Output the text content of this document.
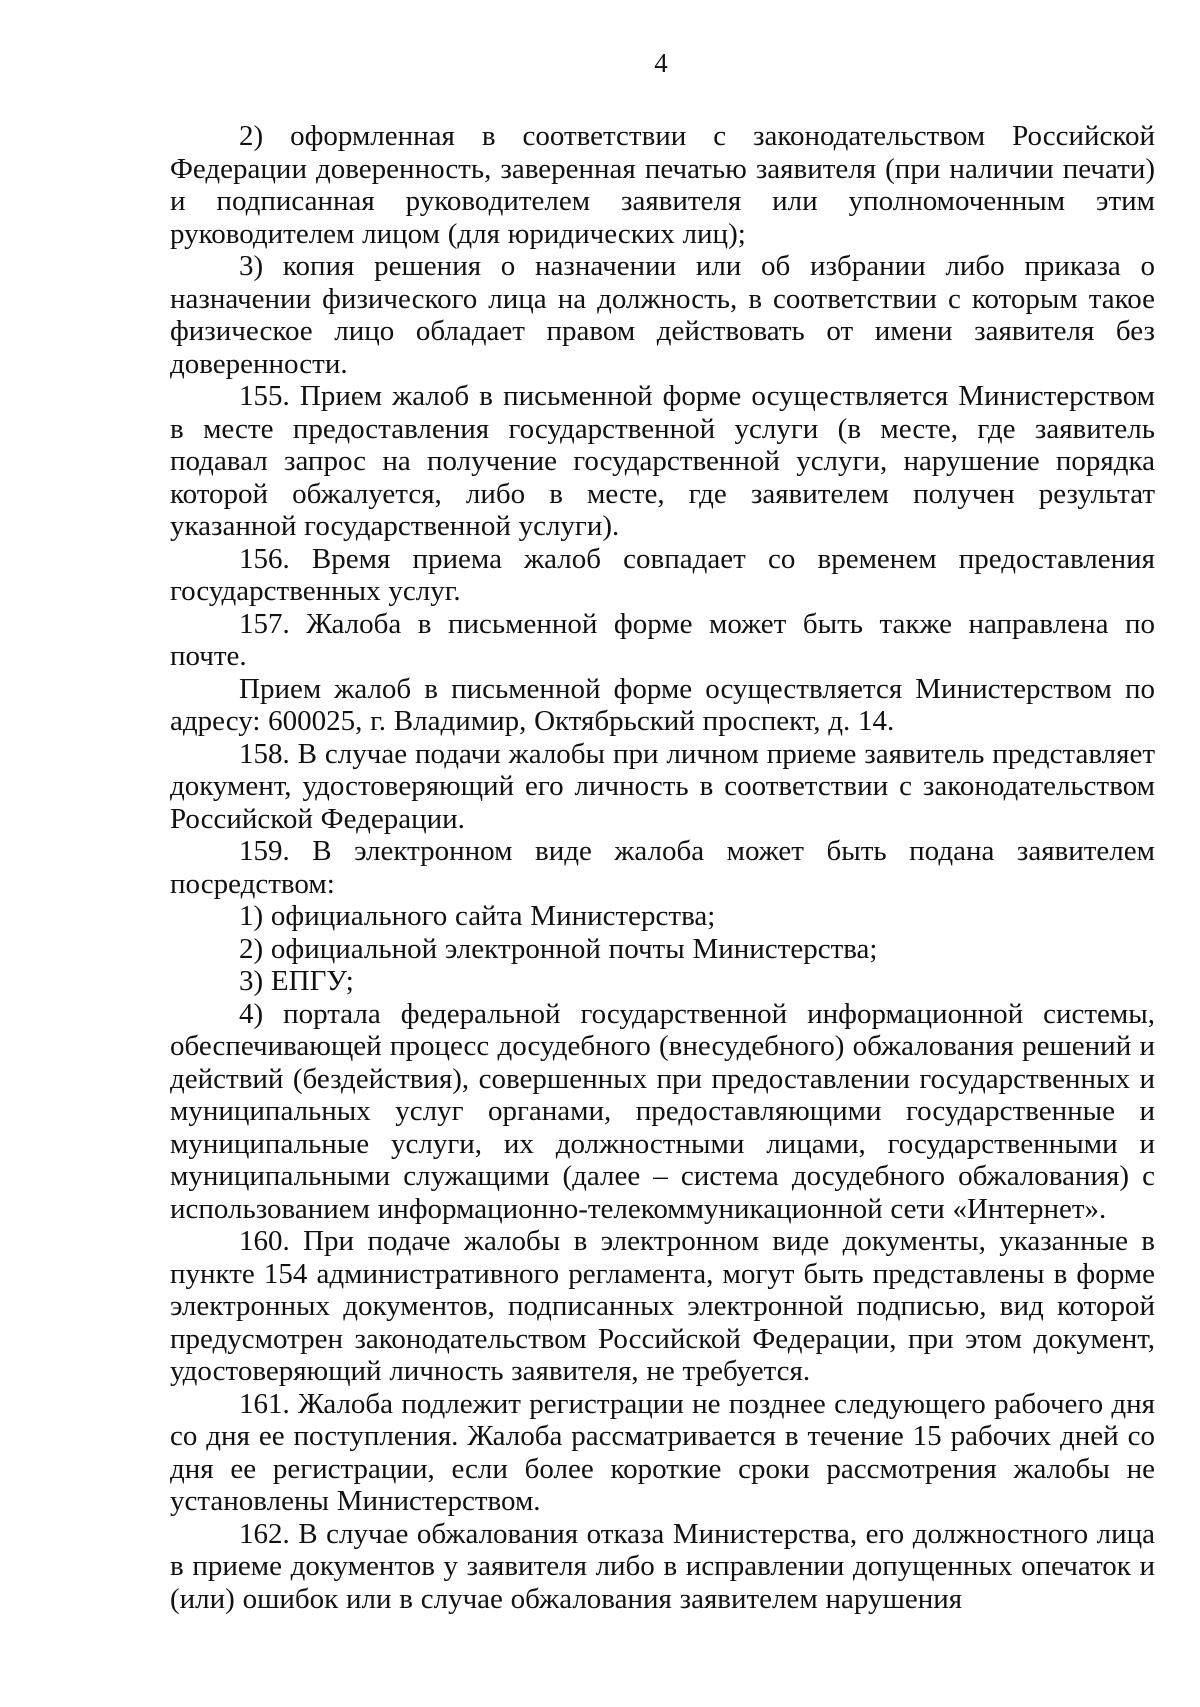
4

2) оформленная в соответствии с законодательством Российской Федерации доверенность, заверенная печатью заявителя (при наличии печати) и подписанная руководителем заявителя или уполномоченным этим руководителем лицом (для юридических лиц);

3) копия решения о назначении или об избрании либо приказа о назначении физического лица на должность, в соответствии с которым такое физическое лицо обладает правом действовать от имени заявителя без доверенности.

155. Прием жалоб в письменной форме осуществляется Министерством в месте предоставления государственной услуги (в месте, где заявитель подавал запрос на получение государственной услуги, нарушение порядка которой обжалуется, либо в месте, где заявителем получен результат указанной государственной услуги).

156. Время приема жалоб совпадает со временем предоставления государственных услуг.

157. Жалоба в письменной форме может быть также направлена по почте.

Прием жалоб в письменной форме осуществляется Министерством по адресу: 600025, г. Владимир, Октябрьский проспект, д. 14.

158. В случае подачи жалобы при личном приеме заявитель представляет документ, удостоверяющий его личность в соответствии с законодательством Российской Федерации.

159. В электронном виде жалоба может быть подана заявителем посредством:

1) официального сайта Министерства;

2) официальной электронной почты Министерства;

3) ЕПГУ;

4) портала федеральной государственной информационной системы, обеспечивающей процесс досудебного (внесудебного) обжалования решений и действий (бездействия), совершенных при предоставлении государственных и муниципальных услуг органами, предоставляющими государственные и муниципальные услуги, их должностными лицами, государственными и муниципальными служащими (далее – система досудебного обжалования) с использованием информационно-телекоммуникационной сети «Интернет».

160. При подаче жалобы в электронном виде документы, указанные в пункте 154 административного регламента, могут быть представлены в форме электронных документов, подписанных электронной подписью, вид которой предусмотрен законодательством Российской Федерации, при этом документ, удостоверяющий личность заявителя, не требуется.

161. Жалоба подлежит регистрации не позднее следующего рабочего дня со дня ее поступления. Жалоба рассматривается в течение 15 рабочих дней со дня ее регистрации, если более короткие сроки рассмотрения жалобы не установлены Министерством.

162. В случае обжалования отказа Министерства, его должностного лица в приеме документов у заявителя либо в исправлении допущенных опечаток и (или) ошибок или в случае обжалования заявителем нарушения
